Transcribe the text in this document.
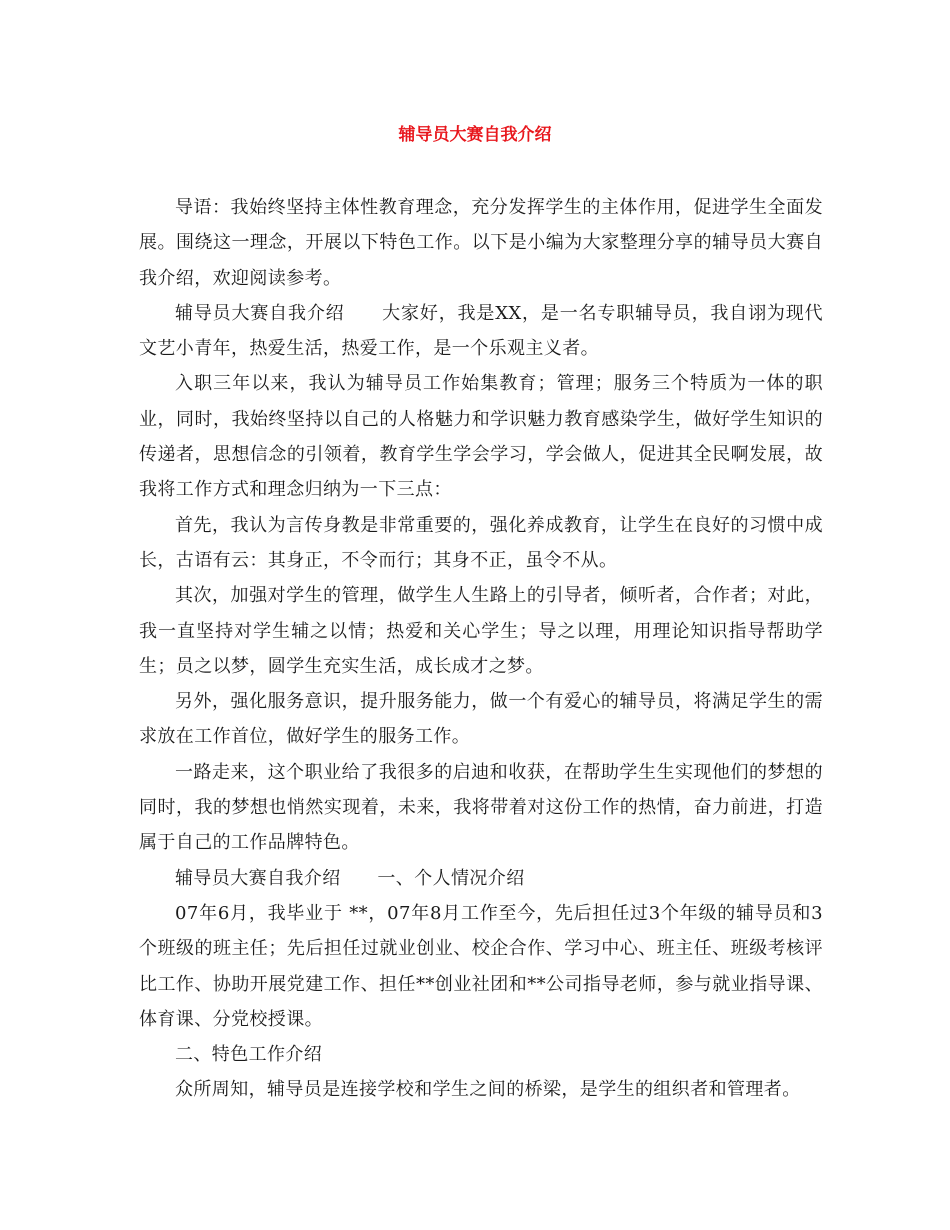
辅导员大赛自我介绍

导语：我始终坚持主体性教育理念，充分发挥学生的主体作用，促进学生全面发展。围绕这一理念，开展以下特色工作。以下是小编为大家整理分享的辅导员大赛自我介绍，欢迎阅读参考。

辅导员大赛自我介绍　　大家好，我是XX，是一名专职辅导员，我自诩为现代文艺小青年，热爱生活，热爱工作，是一个乐观主义者。

入职三年以来，我认为辅导员工作始集教育；管理；服务三个特质为一体的职业，同时，我始终坚持以自己的人格魅力和学识魅力教育感染学生，做好学生知识的传递者，思想信念的引领着，教育学生学会学习，学会做人，促进其全民啊发展，故我将工作方式和理念归纳为一下三点：

首先，我认为言传身教是非常重要的，强化养成教育，让学生在良好的习惯中成长，古语有云：其身正，不令而行；其身不正，虽令不从。

其次，加强对学生的管理，做学生人生路上的引导者，倾听者，合作者；对此，我一直坚持对学生辅之以情；热爱和关心学生；导之以理，用理论知识指导帮助学生；员之以梦，圆学生充实生活，成长成才之梦。

另外，强化服务意识，提升服务能力，做一个有爱心的辅导员，将满足学生的需求放在工作首位，做好学生的服务工作。

一路走来，这个职业给了我很多的启迪和收获，在帮助学生生实现他们的梦想的同时，我的梦想也悄然实现着，未来，我将带着对这份工作的热情，奋力前进，打造属于自己的工作品牌特色。

辅导员大赛自我介绍　　一、个人情况介绍

07年6月，我毕业于 **，07年8月工作至今，先后担任过3个年级的辅导员和3个班级的班主任；先后担任过就业创业、校企合作、学习中心、班主任、班级考核评比工作、协助开展党建工作、担任**创业社团和**公司指导老师，参与就业指导课、体育课、分党校授课。

二、特色工作介绍

众所周知，辅导员是连接学校和学生之间的桥梁，是学生的组织者和管理者。
